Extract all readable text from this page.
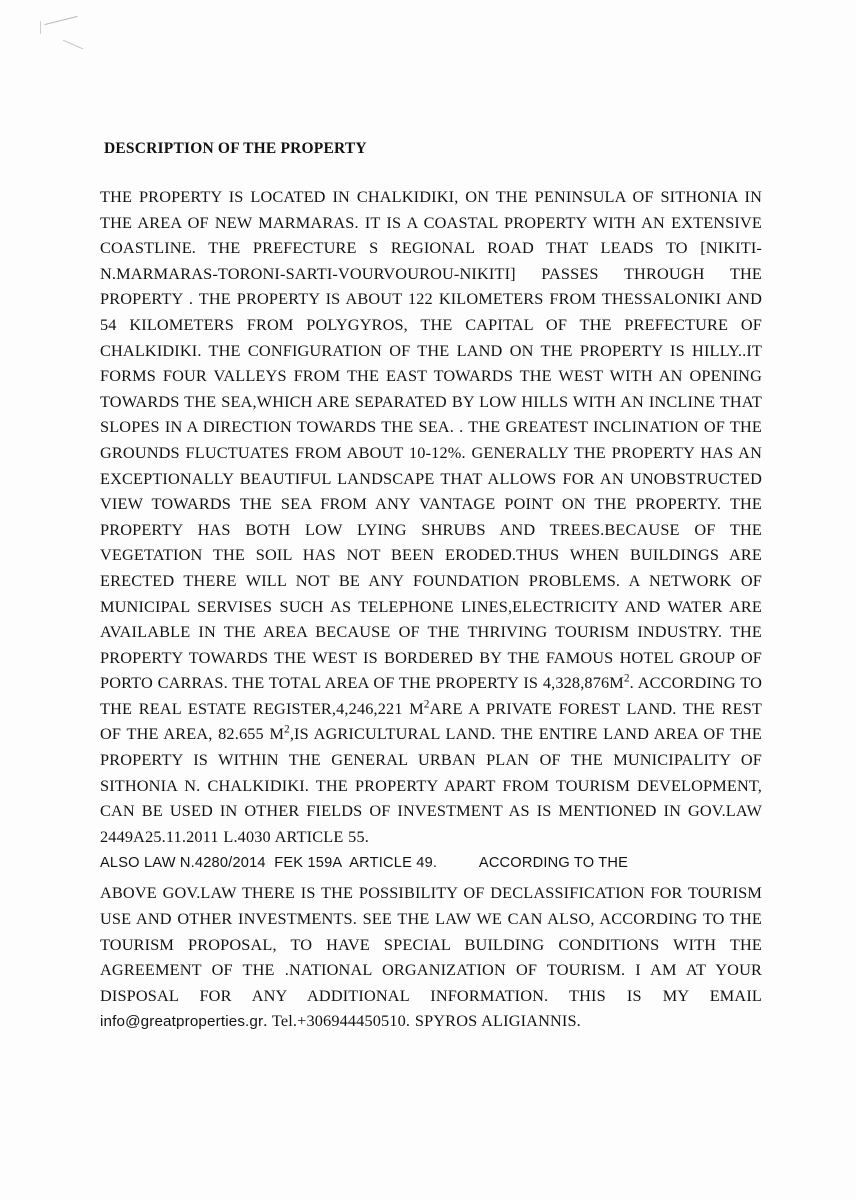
DESCRIPTION OF THE PROPERTY

THE PROPERTY IS LOCATED IN CHALKIDIKI, ON THE PENINSULA OF SITHONIA IN THE AREA OF NEW MARMARAS. IT IS A COASTAL PROPERTY WITH AN EXTENSIVE COASTLINE. THE PREFECTURE S REGIONAL ROAD THAT LEADS TO [NIKITI-N.MARMARAS-TORONI-SARTI-VOURVOUROU-NIKITI] PASSES THROUGH THE PROPERTY . THE PROPERTY IS ABOUT 122 KILOMETERS FROM THESSALONIKI AND 54 KILOMETERS FROM POLYGYROS, THE CAPITAL OF THE PREFECTURE OF CHALKIDIKI. THE CONFIGURATION OF THE LAND ON THE PROPERTY IS HILLY..IT FORMS FOUR VALLEYS FROM THE EAST TOWARDS THE WEST WITH AN OPENING TOWARDS THE SEA,WHICH ARE SEPARATED BY LOW HILLS WITH AN INCLINE THAT SLOPES IN A DIRECTION TOWARDS THE SEA. . THE GREATEST INCLINATION OF THE GROUNDS FLUCTUATES FROM ABOUT 10-12%. GENERALLY THE PROPERTY HAS AN EXCEPTIONALLY BEAUTIFUL LANDSCAPE THAT ALLOWS FOR AN UNOBSTRUCTED VIEW TOWARDS THE SEA FROM ANY VANTAGE POINT ON THE PROPERTY. THE PROPERTY HAS BOTH LOW LYING SHRUBS AND TREES.BECAUSE OF THE VEGETATION THE SOIL HAS NOT BEEN ERODED.THUS WHEN BUILDINGS ARE ERECTED THERE WILL NOT BE ANY FOUNDATION PROBLEMS. A NETWORK OF MUNICIPAL SERVISES SUCH AS TELEPHONE LINES,ELECTRICITY AND WATER ARE AVAILABLE IN THE AREA BECAUSE OF THE THRIVING TOURISM INDUSTRY. THE PROPERTY TOWARDS THE WEST IS BORDERED BY THE FAMOUS HOTEL GROUP OF PORTO CARRAS. THE TOTAL AREA OF THE PROPERTY IS $4,328,876M^2$. ACCORDING TO THE REAL ESTATE REGISTER,4,246,221 $M^2ARE$ A PRIVATE FOREST LAND. THE REST OF THE AREA, 82.655 $M^2,IS$ AGRICULTURAL LAND. THE ENTIRE LAND AREA OF THE PROPERTY IS WITHIN THE GENERAL URBAN PLAN OF THE MUNICIPALITY OF SITHONIA N. CHALKIDIKI. THE PROPERTY APART FROM TOURISM DEVELOPMENT, CAN BE USED IN OTHER FIELDS OF INVESTMENT AS IS MENTIONED IN GOV.LAW 2449A25.11.2011 L.4030 ARTICLE 55.

ALSO LAW N.4280/2014  FEK 159A  ARTICLE 49.          ACCORDING TO THE

ABOVE GOV.LAW THERE IS THE POSSIBILITY OF DECLASSIFICATION FOR TOURISM USE AND OTHER INVESTMENTS. SEE THE LAW WE CAN ALSO, ACCORDING TO THE TOURISM PROPOSAL, TO HAVE SPECIAL BUILDING CONDITIONS WITH THE AGREEMENT OF THE .NATIONAL ORGANIZATION OF TOURISM. I AM AT YOUR DISPOSAL FOR ANY ADDITIONAL INFORMATION. THIS IS MY EMAIL info@greatproperties.gr. Tel.+306944450510. SPYROS ALIGIANNIS.
